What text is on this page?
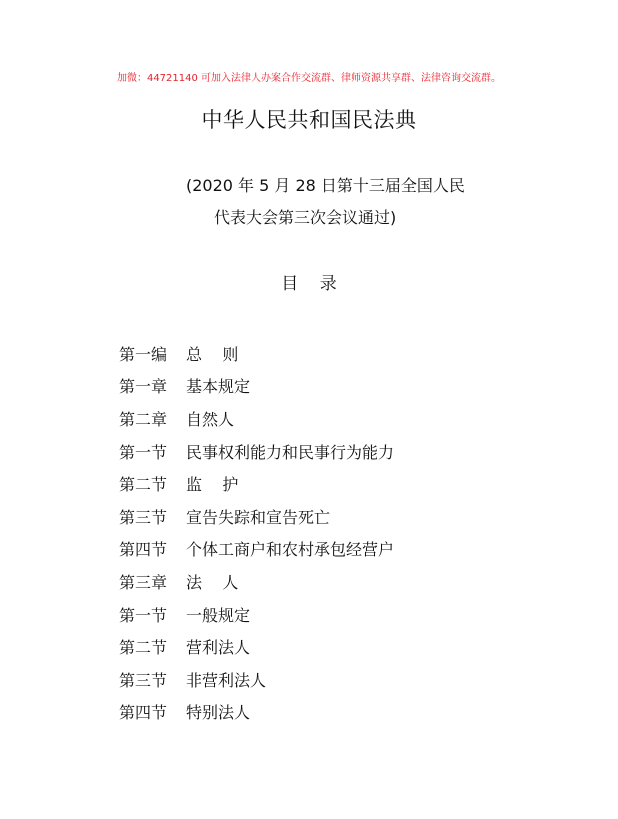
加微：44721140 可加入法律人办案合作交流群、律师资源共享群、法律咨询交流群。
中华人民共和国民法典
(2020 年 5 月 28 日第十三届全国人民
代表大会第三次会议通过)
目    录
第一编	总    则
第一章	基本规定
第二章	自然人
第一节	民事权利能力和民事行为能力
第二节	监    护
第三节	宣告失踪和宣告死亡
第四节	个体工商户和农村承包经营户
第三章	法    人
第一节	一般规定
第二节	营利法人
第三节	非营利法人
第四节	特别法人
